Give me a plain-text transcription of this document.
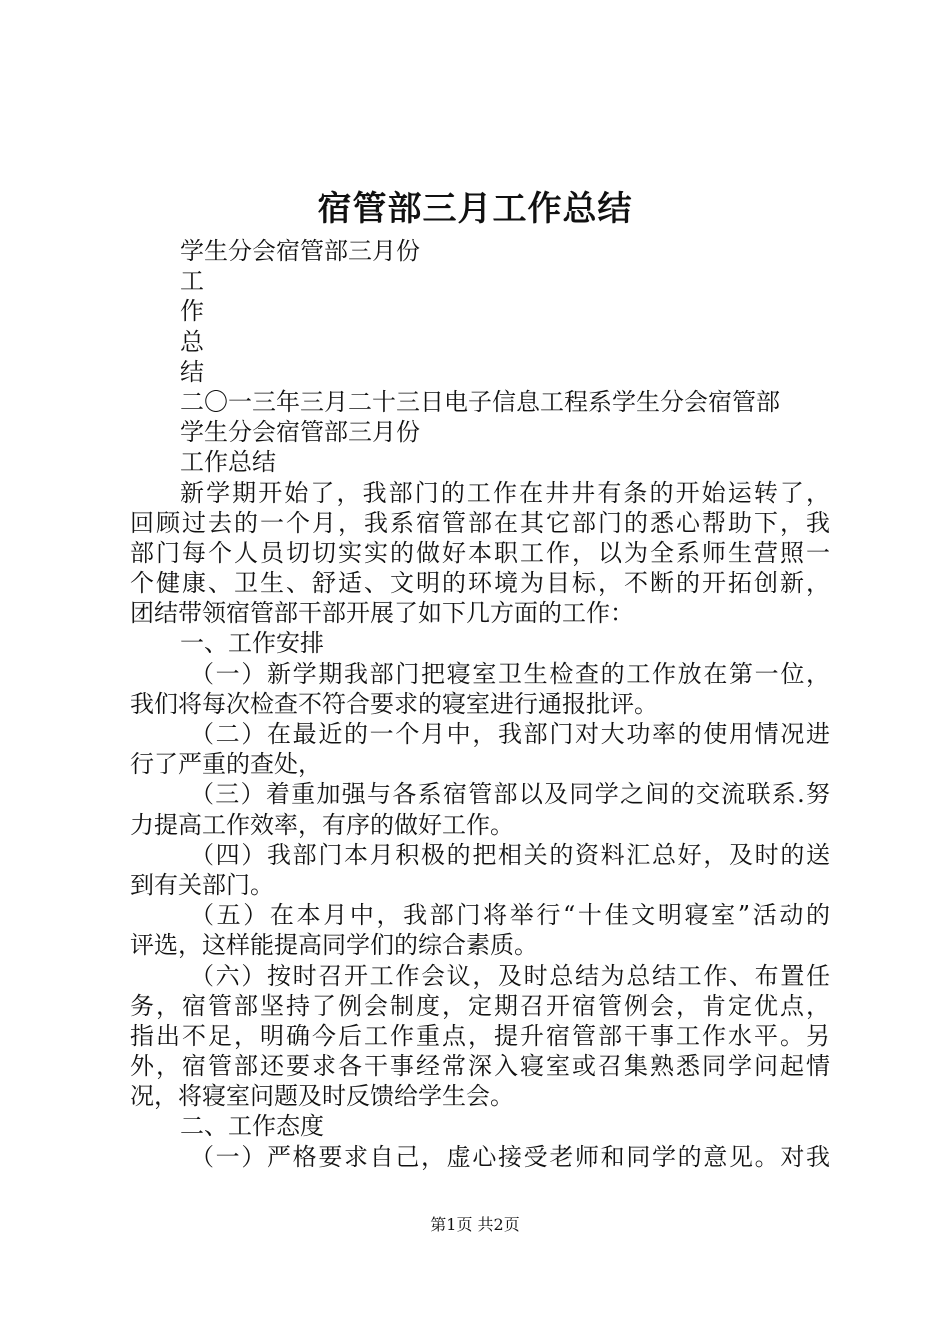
宿管部三月工作总结
学生分会宿管部三月份
工
作
总
结
二〇一三年三月二十三日电子信息工程系学生分会宿管部
学生分会宿管部三月份
工作总结
新学期开始了，我部门的工作在井井有条的开始运转了，
回顾过去的一个月，我系宿管部在其它部门的悉心帮助下，我
部门每个人员切切实实的做好本职工作，以为全系师生营照一
个健康、卫生、舒适、文明的环境为目标，不断的开拓创新，
团结带领宿管部干部开展了如下几方面的工作：
一、工作安排
（一）新学期我部门把寝室卫生检查的工作放在第一位，
我们将每次检查不符合要求的寝室进行通报批评。
（二）在最近的一个月中，我部门对大功率的使用情况进
行了严重的查处，
（三）着重加强与各系宿管部以及同学之间的交流联系.努
力提高工作效率，有序的做好工作。
（四）我部门本月积极的把相关的资料汇总好，及时的送
到有关部门。
（五）在本月中，我部门将举行“十佳文明寝室”活动的
评选，这样能提高同学们的综合素质。
（六）按时召开工作会议，及时总结为总结工作、布置任
务，宿管部坚持了例会制度，定期召开宿管例会，肯定优点，
指出不足，明确今后工作重点，提升宿管部干事工作水平。另
外，宿管部还要求各干事经常深入寝室或召集熟悉同学问起情
况，将寝室问题及时反馈给学生会。
二、工作态度
（一）严格要求自己，虚心接受老师和同学的意见。对我
第1页 共2页
